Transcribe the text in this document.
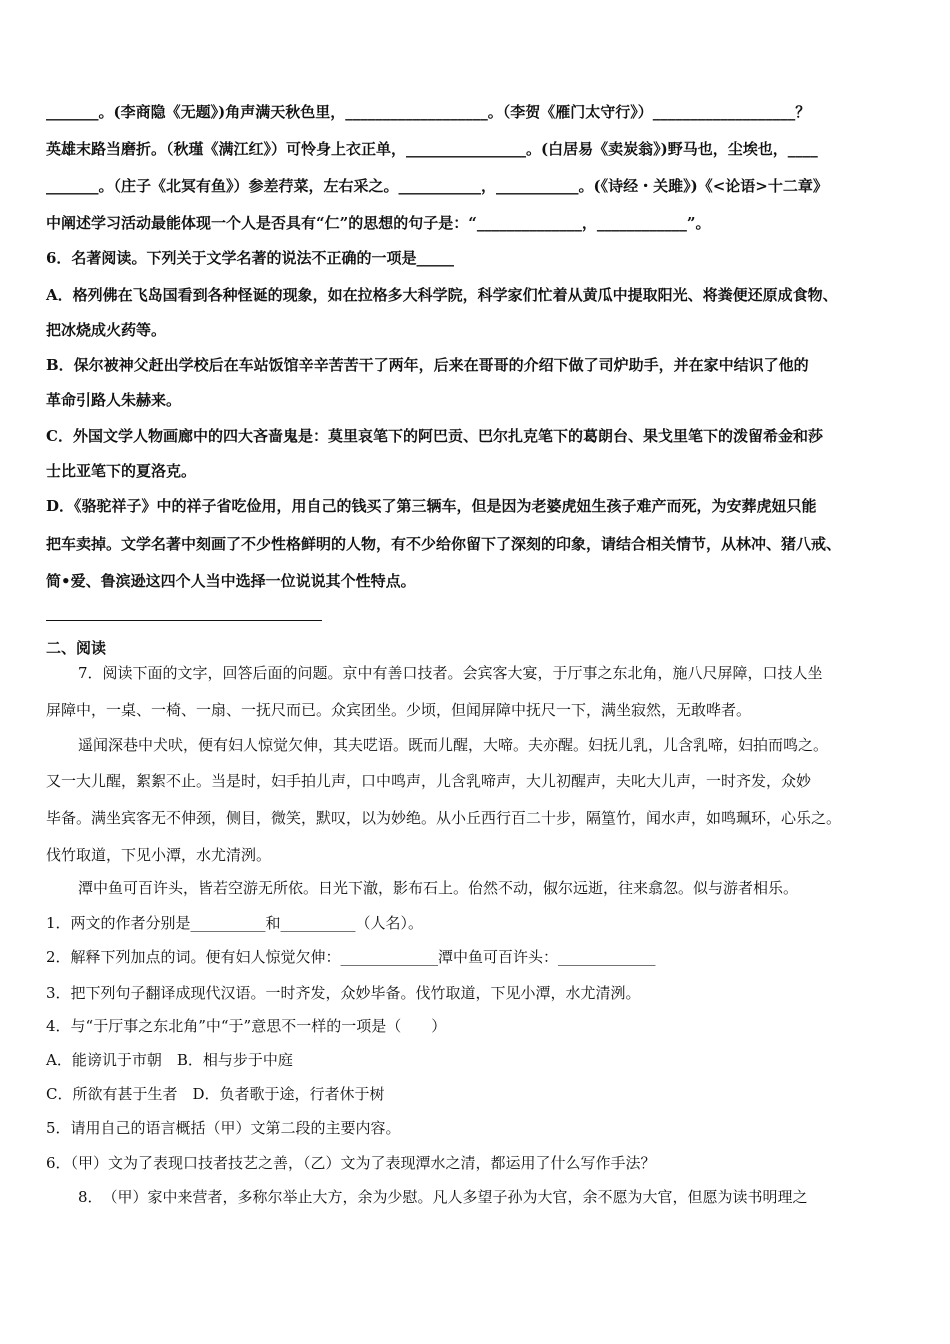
_______。(李商隐《无题》)角声满天秋色里，___________________。（李贺《雁门太守行》）___________________？
英雄末路当磨折。（秋瑾《满江红》）可怜身上衣正单，________________。(白居易《卖炭翁》)野马也，尘埃也，____
_______。（庄子《北冥有鱼》）参差荇菜，左右采之。___________，___________。(《诗经・关雎》)《<论语>十二章》
中阐述学习活动最能体现一个人是否具有“仁”的思想的句子是：“______________，____________”。
6．名著阅读。下列关于文学名著的说法不正确的一项是_____
A．格列佛在飞岛国看到各种怪诞的现象，如在拉格多大科学院，科学家们忙着从黄瓜中提取阳光、将粪便还原成食物、
把冰烧成火药等。
B．保尔被神父赶出学校后在车站饭馆辛辛苦苦干了两年，后来在哥哥的介绍下做了司炉助手，并在家中结识了他的
革命引路人朱赫来。
C．外国文学人物画廊中的四大吝啬鬼是：莫里哀笔下的阿巴贡、巴尔扎克笔下的葛朗台、果戈里笔下的泼留希金和莎
士比亚笔下的夏洛克。
D．《骆驼祥子》中的祥子省吃俭用，用自己的钱买了第三辆车，但是因为老婆虎妞生孩子难产而死，为安葬虎妞只能
把车卖掉。文学名著中刻画了不少性格鲜明的人物，有不少给你留下了深刻的印象，请结合相关情节，从林冲、猪八戒、
简•爱、鲁滨逊这四个人当中选择一位说说其个性特点。
二、阅读
7．阅读下面的文字，回答后面的问题。京中有善口技者。会宾客大宴，于厅事之东北角，施八尺屏障，口技人坐
屏障中，一桌、一椅、一扇、一抚尺而已。众宾团坐。少顷，但闻屏障中抚尺一下，满坐寂然，无敢哗者。
遥闻深巷中犬吠，便有妇人惊觉欠伸，其夫呓语。既而儿醒，大啼。夫亦醒。妇抚儿乳，儿含乳啼，妇拍而鸣之。
又一大儿醒，絮絮不止。当是时，妇手拍儿声，口中鸣声，儿含乳啼声，大儿初醒声，夫叱大儿声，一时齐发，众妙
毕备。满坐宾客无不伸颈，侧目，微笑，默叹，以为妙绝。从小丘西行百二十步，隔篁竹，闻水声，如鸣珮环，心乐之。
伐竹取道，下见小潭，水尤清洌。
潭中鱼可百许头，皆若空游无所依。日光下澈，影布石上。佁然不动，俶尔远逝，往来翕忽。似与游者相乐。
1．两文的作者分别是__________和__________（人名）。
2．解释下列加点的词。便有妇人惊觉欠伸：_____________潭中鱼可百许头：_____________
3．把下列句子翻译成现代汉语。一时齐发，众妙毕备。伐竹取道，下见小潭，水尤清洌。
4．与“于厅事之东北角”中“于”意思不一样的一项是（　　）
A．能谤讥于市朝　B．相与步于中庭
C．所欲有甚于生者　D．负者歌于途，行者休于树
5．请用自己的语言概括（甲）文第二段的主要内容。
6．（甲）文为了表现口技者技艺之善，（乙）文为了表现潭水之清，都运用了什么写作手法？
8．　（甲）家中来营者，多称尔举止大方，余为少慰。凡人多望子孙为大官，余不愿为大官，但愿为读书明理之
